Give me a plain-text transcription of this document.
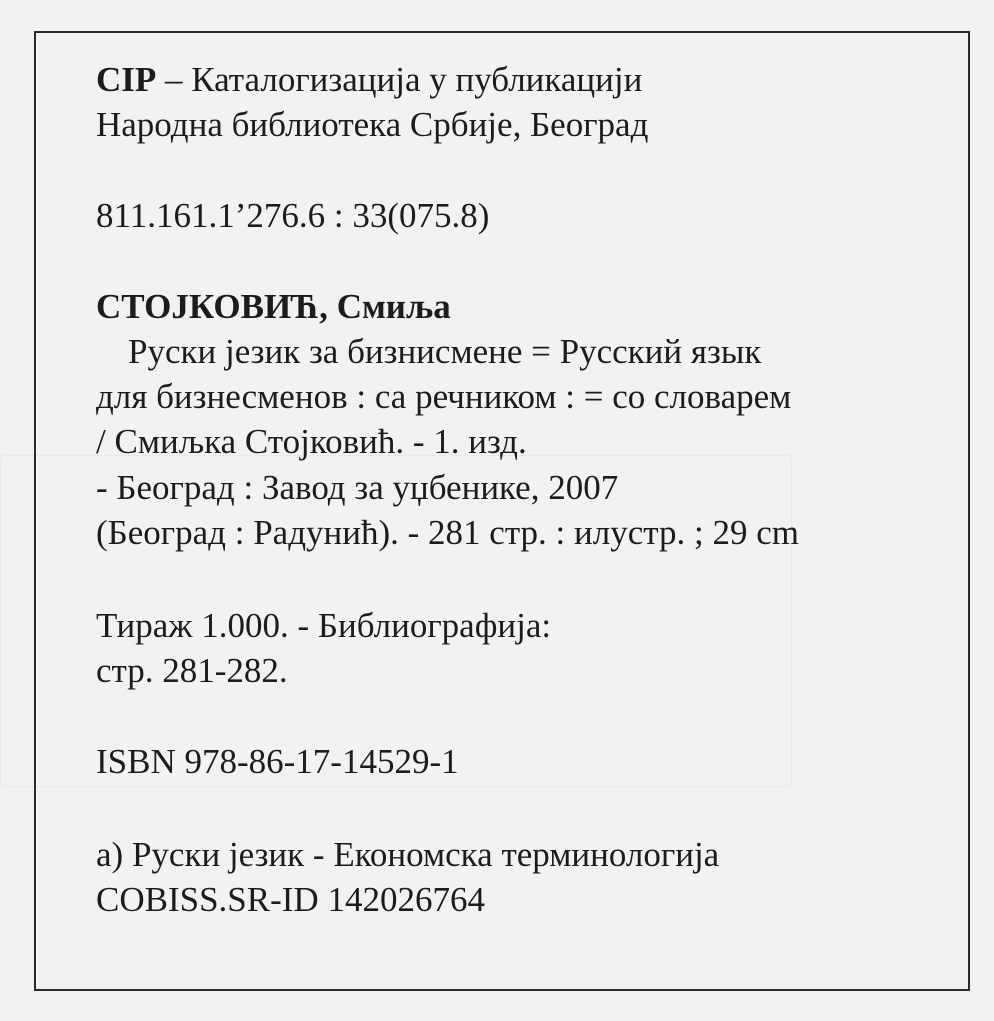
CIP – Каталогизација у публикацији
Народна библиотека Србије, Београд
811.161.1’276.6 : 33(075.8)
СТОЈКОВИЋ, Смиља
Руски језик за бизнисмене = Русский язык
для бизнесменов : са речником : = со словарем
/ Смиљка Стојковић. - 1. изд.
- Београд : Завод за уџбенике, 2007
(Београд : Радунић). - 281 стр. : илустр. ; 29 cm
Тираж 1.000. - Библиографија:
стр. 281-282.
ISBN 978-86-17-14529-1
а) Руски језик - Економска терминологија
COBISS.SR-ID 142026764
